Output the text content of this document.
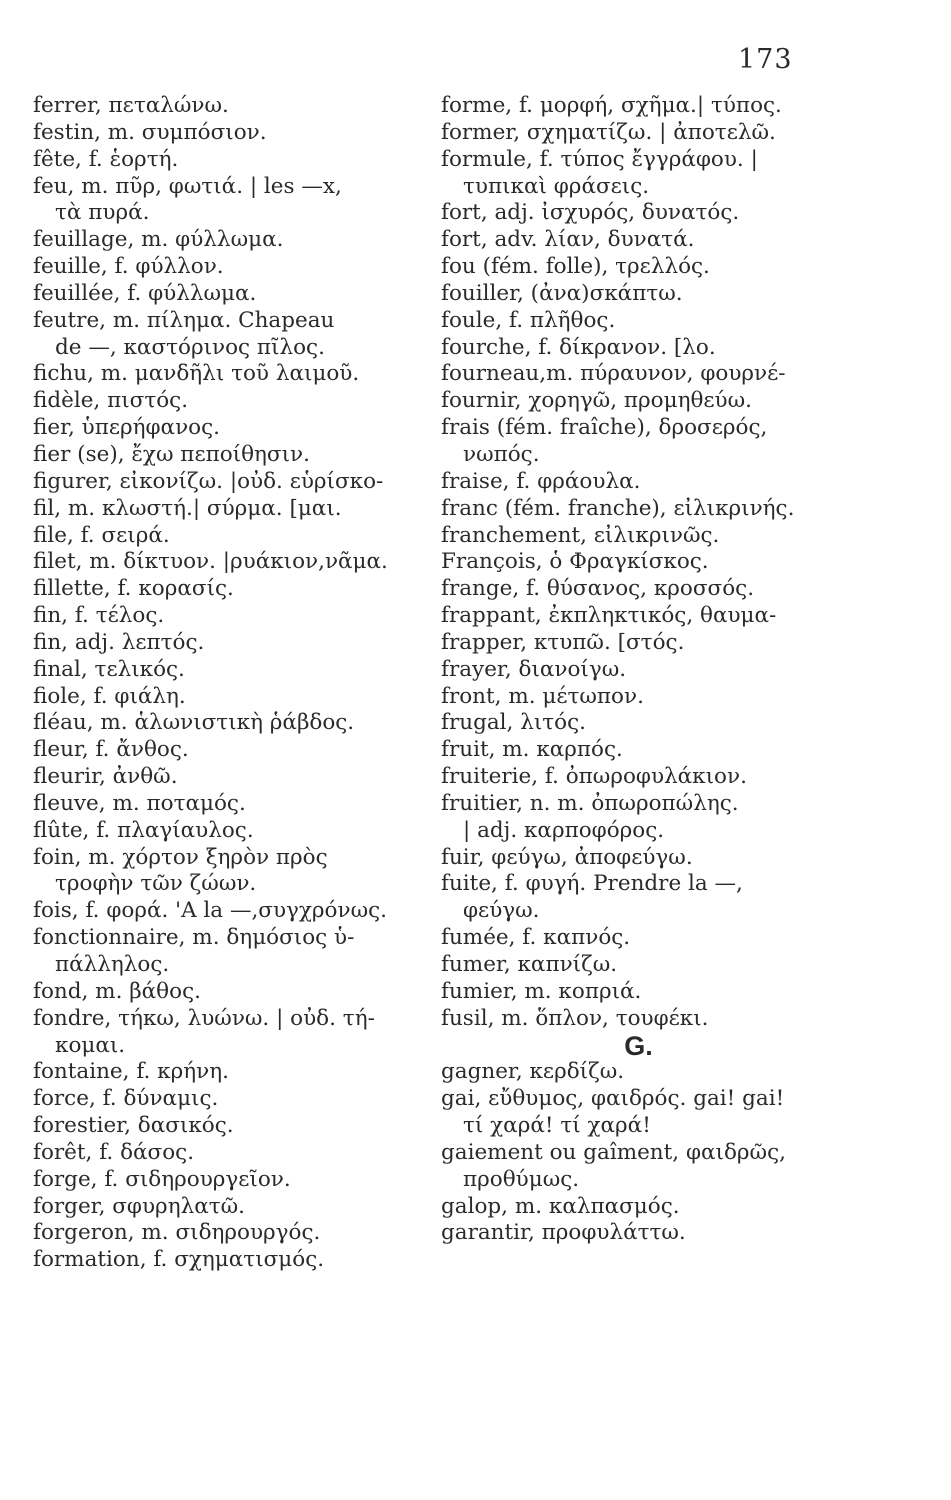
173
ferrer, πεταλώνω.
festin, m. συμπόσιον.
fête, f. ἑορτή.
feu, m. πῦρ, φωτιά. | les —x,
τὰ πυρά.
feuillage, m. φύλλωμα.
feuille, f. φύλλον.
feuillée, f. φύλλωμα.
feutre, m. πίλημα. Chapeau
de —, καστόρινος πῖλος.
fichu, m. μανδῆλι τοῦ λαιμοῦ.
fidèle, πιστός.
fier, ὑπερήφανος.
fier (se), ἔχω πεποίθησιν.
figurer, εἰκονίζω. |οὐδ. εὑρίσκο-
fil, m. κλωστή.| σύρμα. [μαι.
file, f. σειρά.
filet, m. δίκτυον. |ρυάκιον,νᾶμα.
fillette, f. κορασίς.
fin, f. τέλος.
fin, adj. λεπτός.
final, τελικός.
fiole, f. φιάλη.
fléau, m. ἁλωνιστικὴ ῥάβδος.
fleur, f. ἄνθος.
fleurir, ἀνθῶ.
fleuve, m. ποταμός.
flûte, f. πλαγίαυλος.
foin, m. χόρτον ξηρὸν πρὸς
τροφὴν τῶν ζώων.
fois, f. φορά. 'A la —,συγχρόνως.
fonctionnaire, m. δημόσιος ὑ-
πάλληλος.
fond, m. βάθος.
fondre, τήκω, λυώνω. | οὐδ. τή-
κομαι.
fontaine, f. κρήνη.
force, f. δύναμις.
forestier, δασικός.
forêt, f. δάσος.
forge, f. σιδηρουργεῖον.
forger, σφυρηλατῶ.
forgeron, m. σιδηρουργός.
formation, f. σχηματισμός.
forme, f. μορφή, σχῆμα.| τύπος.
former, σχηματίζω. | ἀποτελῶ.
formule, f. τύπος ἔγγράφου. |
τυπικαὶ φράσεις.
fort, adj. ἰσχυρός, δυνατός.
fort, adv. λίαν, δυνατά.
fou (fém. folle), τρελλός.
fouiller, (ἀνα)σκάπτω.
foule, f. πλῆθος.
fourche, f. δίκρανον. [λο.
fourneau,m. πύραυνον, φουρνέ-
fournir, χορηγῶ, προμηθεύω.
frais (fém. fraîche), δροσερός,
νωπός.
fraise, f. φράουλα.
franc (fém. franche), εἰλικρινής.
franchement, εἰλικρινῶς.
François, ὁ Φραγκίσκος.
frange, f. θύσανος, κροσσός.
frappant, ἐκπληκτικός, θαυμα-
frapper, κτυπῶ. [στός.
frayer, διανοίγω.
front, m. μέτωπον.
frugal, λιτός.
fruit, m. καρπός.
fruiterie, f. ὀπωροφυλάκιον.
fruitier, n. m. ὀπωροπώλης.
| adj. καρποφόρος.
fuir, φεύγω, ἀποφεύγω.
fuite, f. φυγή. Prendre la —,
φεύγω.
fumée, f. καπνός.
fumer, καπνίζω.
fumier, m. κοπριά.
fusil, m. ὅπλον, τουφέκι.
G.
gagner, κερδίζω.
gai, εὔθυμος, φαιδρός. gai! gai!
τί χαρά! τί χαρά!
gaiement ou gaîment, φαιδρῶς,
προθύμως.
galop, m. καλπασμός.
garantir, προφυλάττω.
